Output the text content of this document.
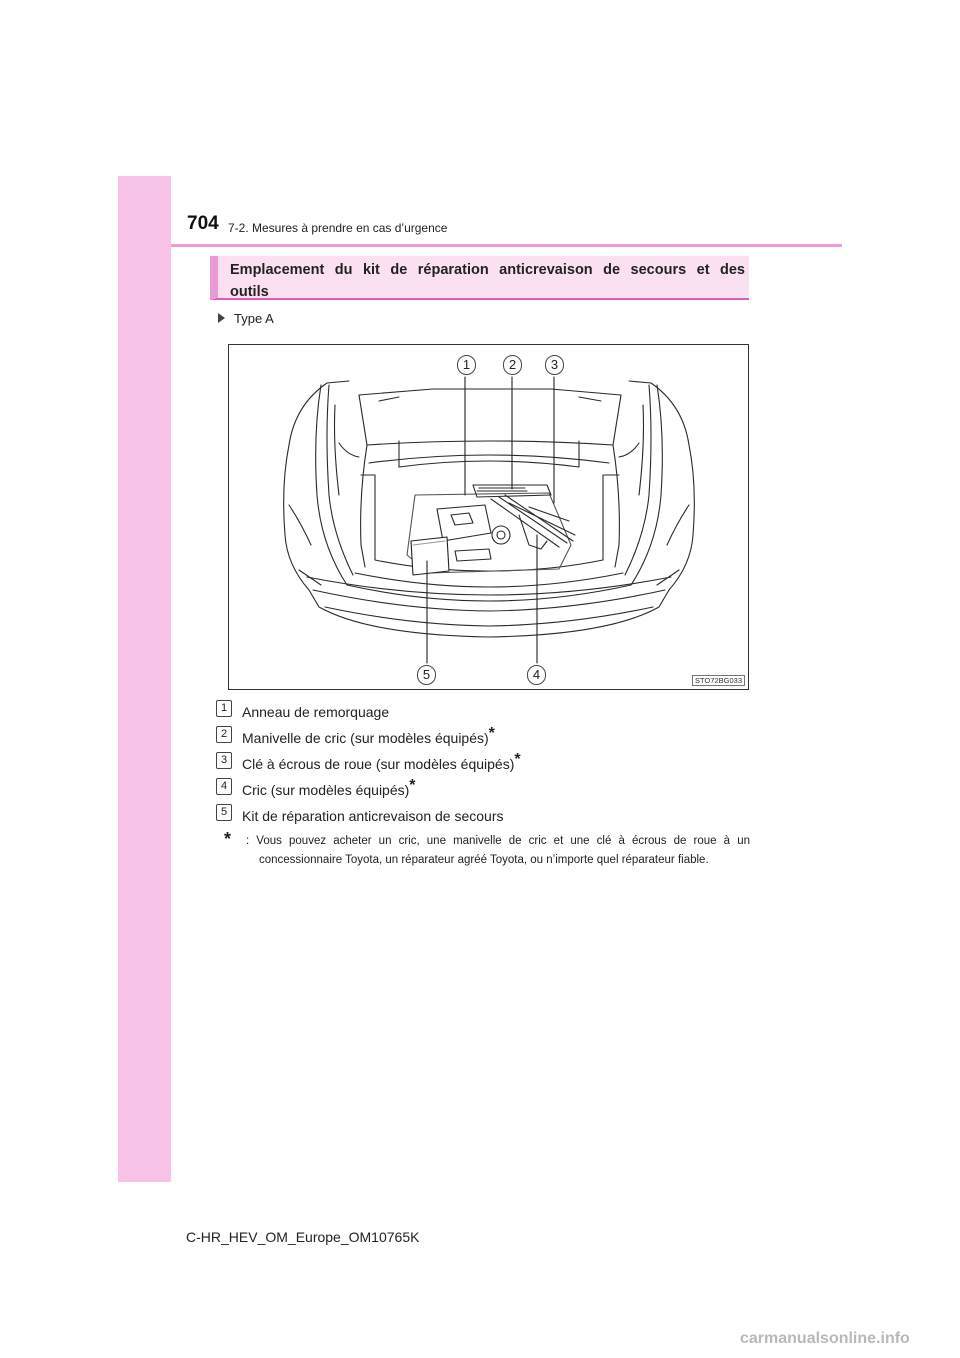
704 7-2. Mesures à prendre en cas d’urgence
Emplacement du kit de réparation anticrevaison de secours et des outils
Type A
1	2	3
4
5	STO72BG033
1	Anneau de remorquage
2	Manivelle de cric (sur modèles équipés)*
3	Clé à écrous de roue (sur modèles équipés)*
4	Cric (sur modèles équipés)*
5	Kit de réparation anticrevaison de secours
* : Vous pouvez acheter un cric, une manivelle de cric et une clé à écrous de roue à un concessionnaire Toyota, un réparateur agréé Toyota, ou n’importe quel réparateur fiable.
C-HR_HEV_OM_Europe_OM10765K
carmanualsonline.info
